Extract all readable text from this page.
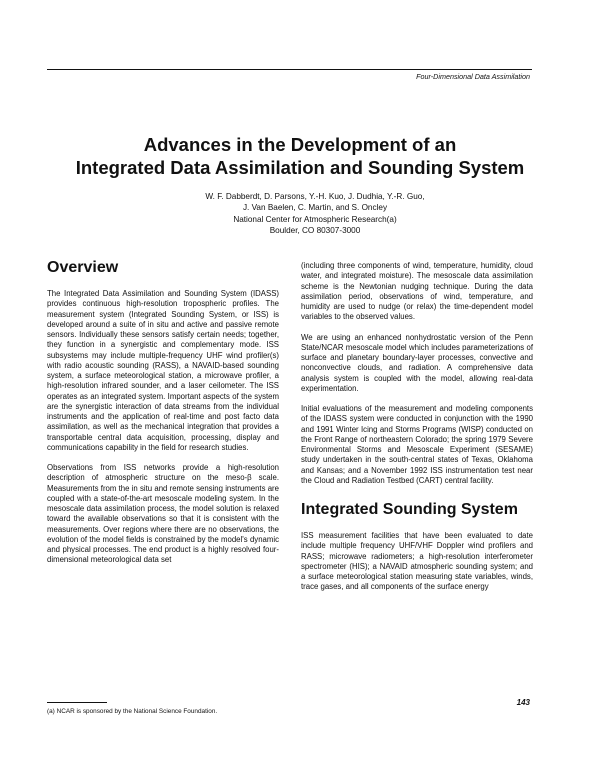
Four-Dimensional Data Assimilation
Advances in the Development of an
Integrated Data Assimilation and Sounding System
W. F. Dabberdt, D. Parsons, Y.-H. Kuo, J. Dudhia, Y.-R. Guo,
J. Van Baelen, C. Martin, and S. Oncley
National Center for Atmospheric Research(a)
Boulder, CO 80307-3000
Overview

The Integrated Data Assimilation and Sounding System (IDASS) provides continuous high-resolution tropospheric profiles. The measurement system (Integrated Sounding System, or ISS) is developed around a suite of in situ and active and passive remote sensors. Individually these sensors satisfy certain needs; together, they function in a synergistic and complementary mode. ISS subsystems may include multiple-frequency UHF wind profiler(s) with radio acoustic sounding (RASS), a NAVAID-based sounding system, a surface meteorological station, a microwave profiler, a high-resolution infrared sounder, and a laser ceilometer. The ISS operates as an integrated system. Important aspects of the system are the synergistic interaction of data streams from the individual instruments and the application of real-time and post facto data assimilation, as well as the mechanical integration that provides a transportable central data acquisition, processing, display and communications capability in the field for research studies.

Observations from ISS networks provide a high-resolution description of atmospheric structure on the meso-β scale. Measurements from the in situ and remote sensing instruments are coupled with a state-of-the-art mesoscale modeling system. In the mesoscale data assimilation process, the model solution is relaxed toward the available observations so that it is consistent with the measurements. Over regions where there are no observations, the evolution of the model fields is constrained by the model's dynamic and physical processes. The end product is a highly resolved four-dimensional meteorological data set

(including three components of wind, temperature, humidity, cloud water, and integrated moisture). The mesoscale data assimilation scheme is the Newtonian nudging technique. During the data assimilation period, observations of wind, temperature, and humidity are used to nudge (or relax) the time-dependent model variables to the observed values.

We are using an enhanced nonhydrostatic version of the Penn State/NCAR mesoscale model which includes parameterizations of surface and planetary boundary-layer processes, convective and nonconvective clouds, and radiation. A comprehensive data analysis system is coupled with the model, allowing real-data experimentation.

Initial evaluations of the measurement and modeling components of the IDASS system were conducted in conjunction with the 1990 and 1991 Winter Icing and Storms Programs (WISP) conducted on the Front Range of northeastern Colorado; the spring 1979 Severe Environmental Storms and Mesoscale Experiment (SESAME) study undertaken in the south-central states of Texas, Oklahoma and Kansas; and a November 1992 ISS instrumentation test near the Cloud and Radiation Testbed (CART) central facility.

Integrated Sounding System

ISS measurement facilities that have been evaluated to date include multiple frequency UHF/VHF Doppler wind profilers and RASS; microwave radiometers; a high-resolution interferometer spectrometer (HIS); a NAVAID atmospheric sounding system; and a surface meteorological station measuring state variables, winds, trace gases, and all components of the surface energy

(a) NCAR is sponsored by the National Science Foundation.
143
